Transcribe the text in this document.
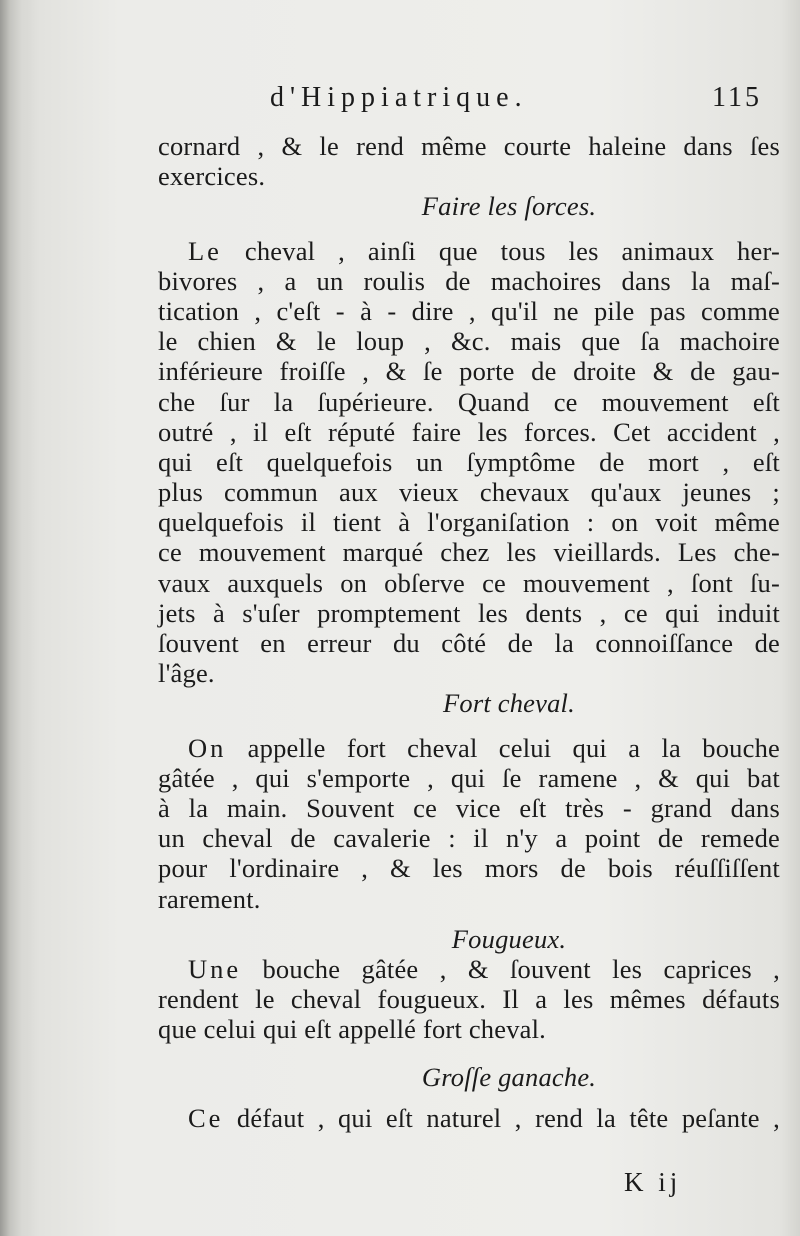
d'Hippiatrique.	115
cornard , & le rend même courte haleine dans ſes
exercices.
Faire les ſorces.
Le cheval , ainſi que tous les animaux her-
bivores , a un roulis de machoires dans la maſ-
tication , c'eſt - à - dire , qu'il ne pile pas comme
le chien & le loup , &c. mais que ſa machoire
inférieure froiſſe , & ſe porte de droite & de gau-
che ſur la ſupérieure. Quand ce mouvement eſt
outré , il eſt réputé faire les forces. Cet accident ,
qui eſt quelquefois un ſymptôme de mort , eſt
plus commun aux vieux chevaux qu'aux jeunes ;
quelquefois il tient à l'organiſation : on voit même
ce mouvement marqué chez les vieillards. Les che-
vaux auxquels on obſerve ce mouvement , ſont ſu-
jets à s'uſer promptement les dents , ce qui induit
ſouvent en erreur du côté de la connoiſſance de
l'âge.
Fort cheval.
On appelle fort cheval celui qui a la bouche
gâtée , qui s'emporte , qui ſe ramene , & qui bat
à la main. Souvent ce vice eſt très - grand dans
un cheval de cavalerie : il n'y a point de remede
pour l'ordinaire , & les mors de bois réuſſiſſent
rarement.
Fougueux.
Une bouche gâtée , & ſouvent les caprices ,
rendent le cheval fougueux. Il a les mêmes défauts
que celui qui eſt appellé fort cheval.
Groſſe ganache.
Ce défaut , qui eſt naturel , rend la tête peſante ,
K ij
